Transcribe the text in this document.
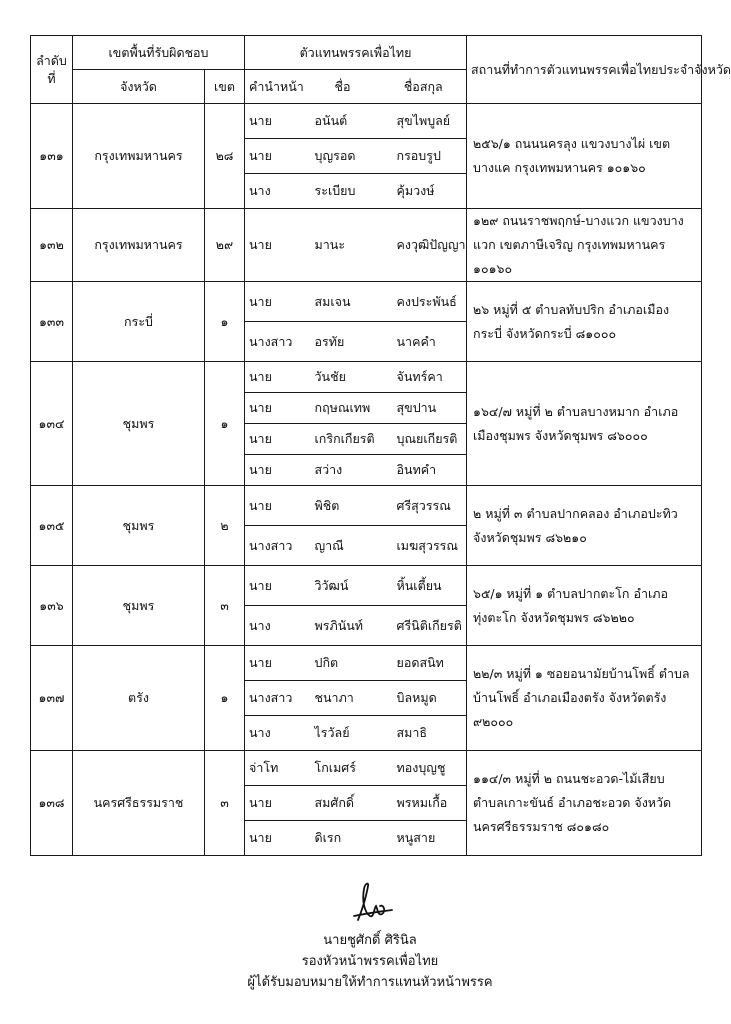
ลำดับ
ที่	เขตพื้นที่รับผิดชอบ		ตัวแทนพรรคเพื่อไทย			สถานที่ทำการตัวแทนพรรคเพื่อไทยประจำจังหวัด
	จังหวัด	เขต	คำนำหน้า	ชื่อ	ชื่อสกุล	
๑๓๑	กรุงเทพมหานคร	๒๘	นาย	อนันต์	สุขไพบูลย์	๒๕๖/๑ ถนนนครลุง แขวงบางไผ่ เขตบางแค กรุงเทพมหานคร ๑๐๑๖๐
			นาย	บุญรอด	กรอบรูป	
			นาง	ระเบียบ	คุ้มวงษ์	
๑๓๒	กรุงเทพมหานคร	๒๙	นาย	มานะ	คงวุฒิปัญญา	๑๒๙ ถนนราชพฤกษ์-บางแวก แขวงบางแวก เขตภาษีเจริญ กรุงเทพมหานคร ๑๐๑๖๐
๑๓๓	กระบี่	๑	นาย	สมเจน	คงประพันธ์	๒๖ หมู่ที่ ๕ ตำบลทับปริก อำเภอเมืองกระบี่ จังหวัดกระบี่ ๘๑๐๐๐
			นางสาว	อรทัย	นาคคำ	
๑๓๔	ชุมพร	๑	นาย	วันชัย	จันทร์คา	๑๖๔/๗ หมู่ที่ ๒ ตำบลบางหมาก อำเภอเมืองชุมพร จังหวัดชุมพร ๘๖๐๐๐
			นาย	กฤษณเทพ	สุขปาน	
			นาย	เกริกเกียรติ	บุณยเกียรติ	
			นาย	สว่าง	อินทคำ	
๑๓๕	ชุมพร	๒	นาย	พิชิต	ศรีสุวรรณ	๒ หมู่ที่ ๓ ตำบลปากคลอง อำเภอปะทิว จังหวัดชุมพร ๘๖๒๑๐
			นางสาว	ญาณี	เมฆสุวรรณ	
๑๓๖	ชุมพร	๓	นาย	วิวัฒน์	หิ้นเตี้ยน	๖๕/๑ หมู่ที่ ๑ ตำบลปากตะโก อำเภอทุ่งตะโก จังหวัดชุมพร ๘๖๒๒๐
			นาง	พรภินันท์	ศรีนิติเกียรติ	
๑๓๗	ตรัง	๑	นาย	ปกิต	ยอดสนิท	๒๒/๓ หมู่ที่ ๑ ซอยอนามัยบ้านโพธิ์ ตำบลบ้านโพธิ์ อำเภอเมืองตรัง จังหวัดตรัง ๙๒๐๐๐
			นางสาว	ชนาภา	บิลหมูด	
			นาง	ไรวัลย์	สมาธิ	
๑๓๘	นครศรีธรรมราช	๓	จ่าโท	โกเมศร์	ทองบุญชู	๑๑๔/๓ หมู่ที่ ๒ ถนนชะอวด-ไม้เสียบ ตำบลเกาะขันธ์ อำเภอชะอวด จังหวัดนครศรีธรรมราช ๘๐๑๘๐
			นาย	สมศักดิ์	พรหมเกื้อ	
			นาย	ดิเรก	หนูสาย	
นายชูศักดิ์ ศิรินิล
รองหัวหน้าพรรคเพื่อไทย
ผู้ได้รับมอบหมายให้ทำการแทนหัวหน้าพรรค
